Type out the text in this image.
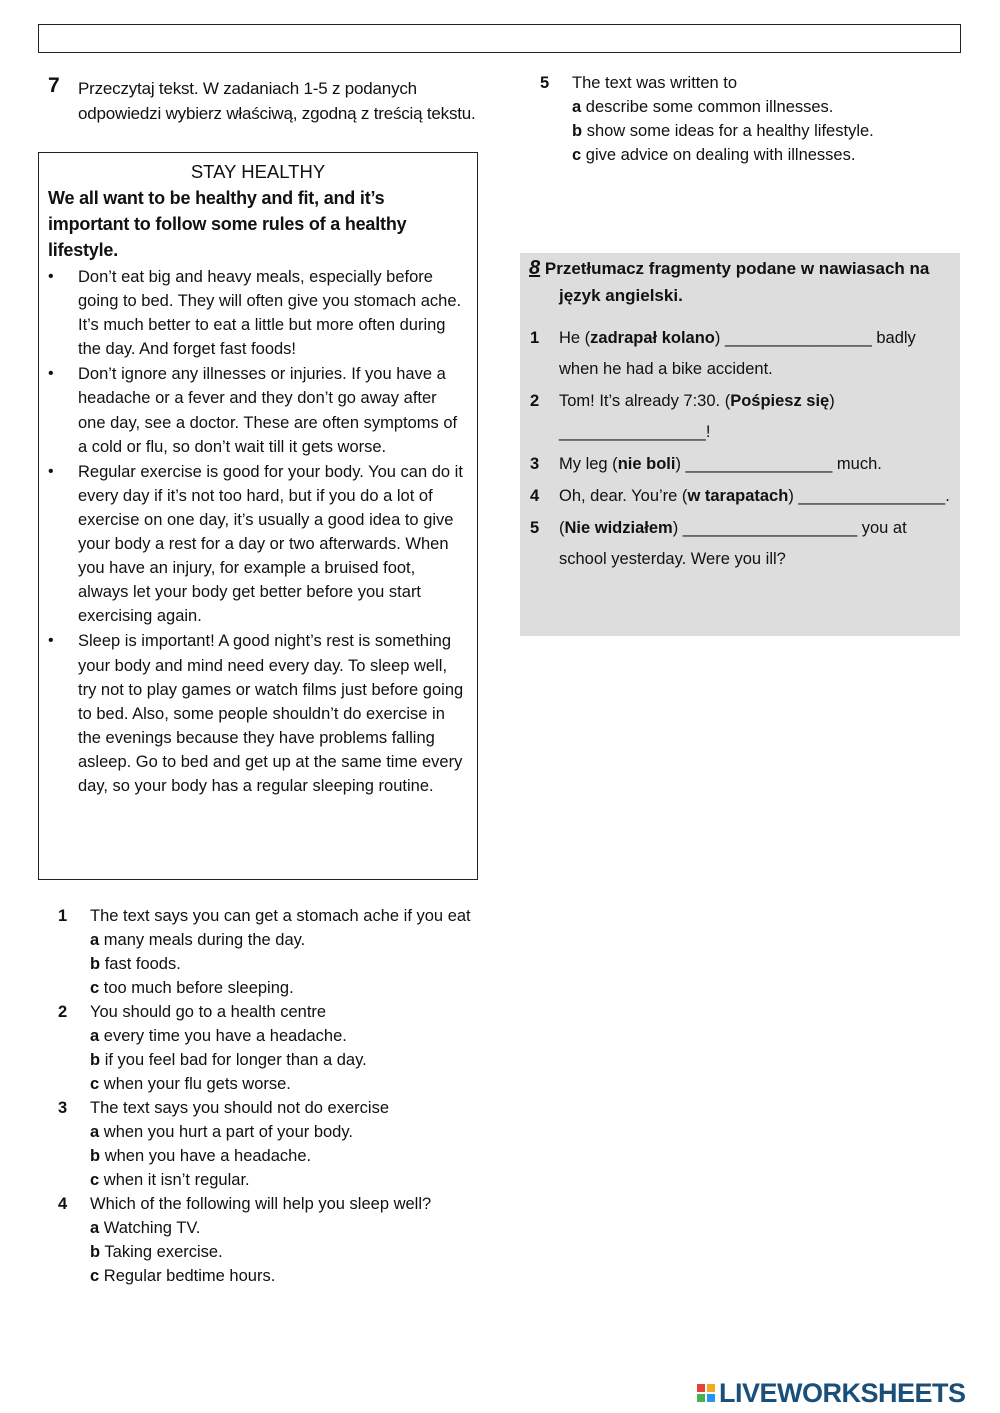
7 Przeczytaj tekst. W zadaniach 1-5 z podanych odpowiedzi wybierz właściwą, zgodną z treścią tekstu.
STAY HEALTHY
We all want to be healthy and fit, and it’s important to follow some rules of a healthy lifestyle.
• Don’t eat big and heavy meals, especially before going to bed. They will often give you stomach ache. It’s much better to eat a little but more often during the day. And forget fast foods!
• Don’t ignore any illnesses or injuries. If you have a headache or a fever and they don’t go away after one day, see a doctor. These are often symptoms of a cold or flu, so don’t wait till it gets worse.
• Regular exercise is good for your body. You can do it every day if it’s not too hard, but if you do a lot of exercise on one day, it’s usually a good idea to give your body a rest for a day or two afterwards. When you have an injury, for example a bruised foot, always let your body get better before you start exercising again.
• Sleep is important! A good night’s rest is something your body and mind need every day. To sleep well, try not to play games or watch films just before going to bed. Also, some people shouldn’t do exercise in the evenings because they have problems falling asleep. Go to bed and get up at the same time every day, so your body has a regular sleeping routine.
1 The text says you can get a stomach ache if you eat
a many meals during the day.
b fast foods.
c too much before sleeping.
2 You should go to a health centre
a every time you have a headache.
b if you feel bad for longer than a day.
c when your flu gets worse.
3 The text says you should not do exercise
a when you hurt a part of your body.
b when you have a headache.
c when it isn’t regular.
4 Which of the following will help you sleep well?
a Watching TV.
b Taking exercise.
c Regular bedtime hours.
5 The text was written to
a describe some common illnesses.
b show some ideas for a healthy lifestyle.
c give advice on dealing with illnesses.
8 Przetłumacz fragmenty podane w nawiasach na
język angielski.
1 He (zadrapał kolano) ________________ badly when he had a bike accident.
2 Tom! It’s already 7:30. (Pośpiesz się) ________________!
3 My leg (nie boli) ________________ much.
4 Oh, dear. You’re (w tarapatach) ________________.
5 (Nie widziałem) ___________________ you at school yesterday. Were you ill?
LIVEWORKSHEETS
